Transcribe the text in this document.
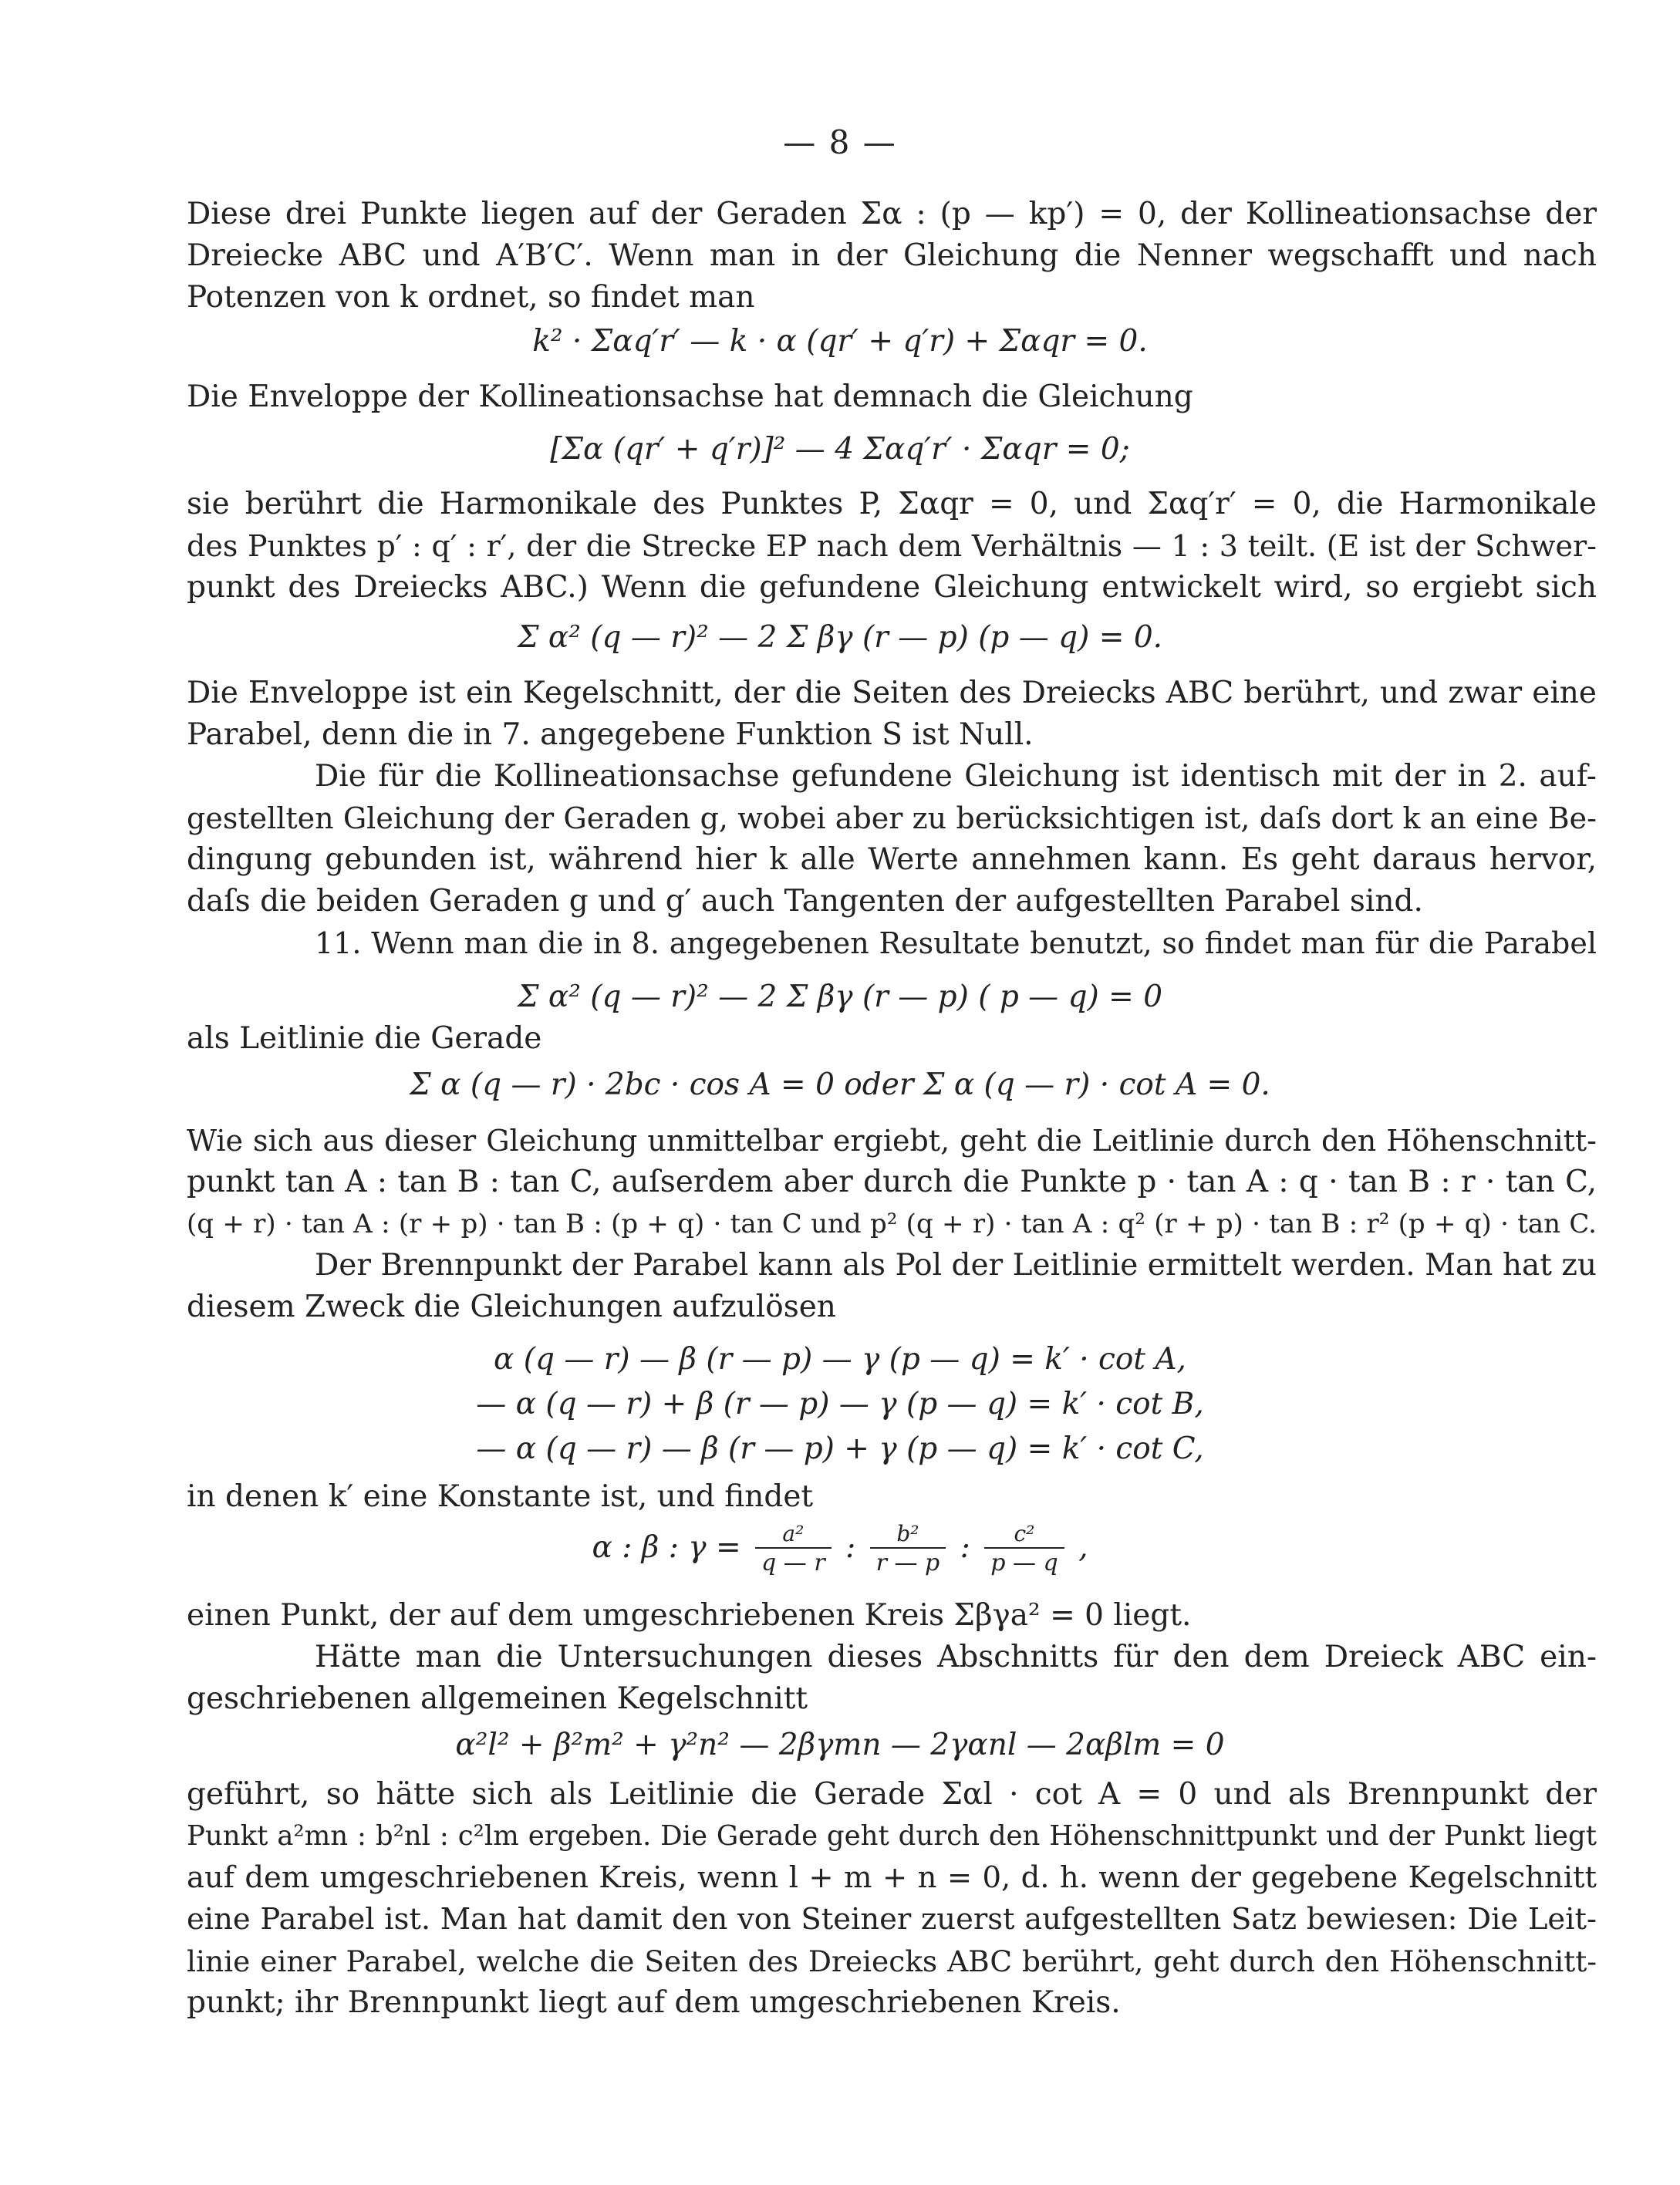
— 8 —
Diese drei Punkte liegen auf der Geraden Σα : (p — kp′) = 0, der Kollineationsachse der
Dreiecke ABC und A′B′C′. Wenn man in der Gleichung die Nenner wegschafft und nach
Potenzen von k ordnet, so findet man
k² · Σαq′r′ — k · α (qr′ + q′r) + Σαqr = 0.
Die Enveloppe der Kollineationsachse hat demnach die Gleichung
[Σα (qr′ + q′r)]² — 4 Σαq′r′ · Σαqr = 0;
sie berührt die Harmonikale des Punktes P, Σαqr = 0, und Σαq′r′ = 0, die Harmonikale
des Punktes p′ : q′ : r′, der die Strecke EP nach dem Verhältnis — 1 : 3 teilt. (E ist der Schwer-
punkt des Dreiecks ABC.) Wenn die gefundene Gleichung entwickelt wird, so ergiebt sich
Σ α² (q — r)² — 2 Σ βγ (r — p) (p — q) = 0.
Die Enveloppe ist ein Kegelschnitt, der die Seiten des Dreiecks ABC berührt, und zwar eine
Parabel, denn die in 7. angegebene Funktion S ist Null.
Die für die Kollineationsachse gefundene Gleichung ist identisch mit der in 2. auf-
gestellten Gleichung der Geraden g, wobei aber zu berücksichtigen ist, daſs dort k an eine Be-
dingung gebunden ist, während hier k alle Werte annehmen kann. Es geht daraus hervor,
daſs die beiden Geraden g und g′ auch Tangenten der aufgestellten Parabel sind.
11. Wenn man die in 8. angegebenen Resultate benutzt, so findet man für die Parabel
Σ α² (q — r)² — 2 Σ βγ (r — p) ( p — q) = 0
als Leitlinie die Gerade
Σ α (q — r) · 2bc · cos A = 0 oder Σ α (q — r) · cot A = 0.
Wie sich aus dieser Gleichung unmittelbar ergiebt, geht die Leitlinie durch den Höhenschnitt-
punkt tan A : tan B : tan C, auſserdem aber durch die Punkte p · tan A : q · tan B : r · tan C,
(q + r) · tan A : (r + p) · tan B : (p + q) · tan C und p² (q + r) · tan A : q² (r + p) · tan B : r² (p + q) · tan C.
Der Brennpunkt der Parabel kann als Pol der Leitlinie ermittelt werden. Man hat zu
diesem Zweck die Gleichungen aufzulösen
α (q — r) — β (r — p) — γ (p — q) = k′ · cot A,
— α (q — r) + β (r — p) — γ (p — q) = k′ · cot B,
— α (q — r) — β (r — p) + γ (p — q) = k′ · cot C,
in denen k′ eine Konstante ist, und findet
α : β : $\gamma = \frac{\text{a²}}{q — r}$ : $\frac{\text{b²}}{r — p}$ : $\frac{\text{c²}}{p — q}$ ,
einen Punkt, der auf dem umgeschriebenen Kreis Σβγa² = 0 liegt.
Hätte man die Untersuchungen dieses Abschnitts für den dem Dreieck ABC ein-
geschriebenen allgemeinen Kegelschnitt
α²l² + β²m² + γ²n² — 2βγmn — 2γαnl — 2αβlm = 0
geführt, so hätte sich als Leitlinie die Gerade Σαl · cot A = 0 und als Brennpunkt der
Punkt a²mn : b²nl : c²lm ergeben. Die Gerade geht durch den Höhenschnittpunkt und der Punkt liegt
auf dem umgeschriebenen Kreis, wenn l + m + n = 0, d. h. wenn der gegebene Kegelschnitt
eine Parabel ist. Man hat damit den von Steiner zuerst aufgestellten Satz bewiesen: Die Leit-
linie einer Parabel, welche die Seiten des Dreiecks ABC berührt, geht durch den Höhenschnitt-
punkt; ihr Brennpunkt liegt auf dem umgeschriebenen Kreis.
